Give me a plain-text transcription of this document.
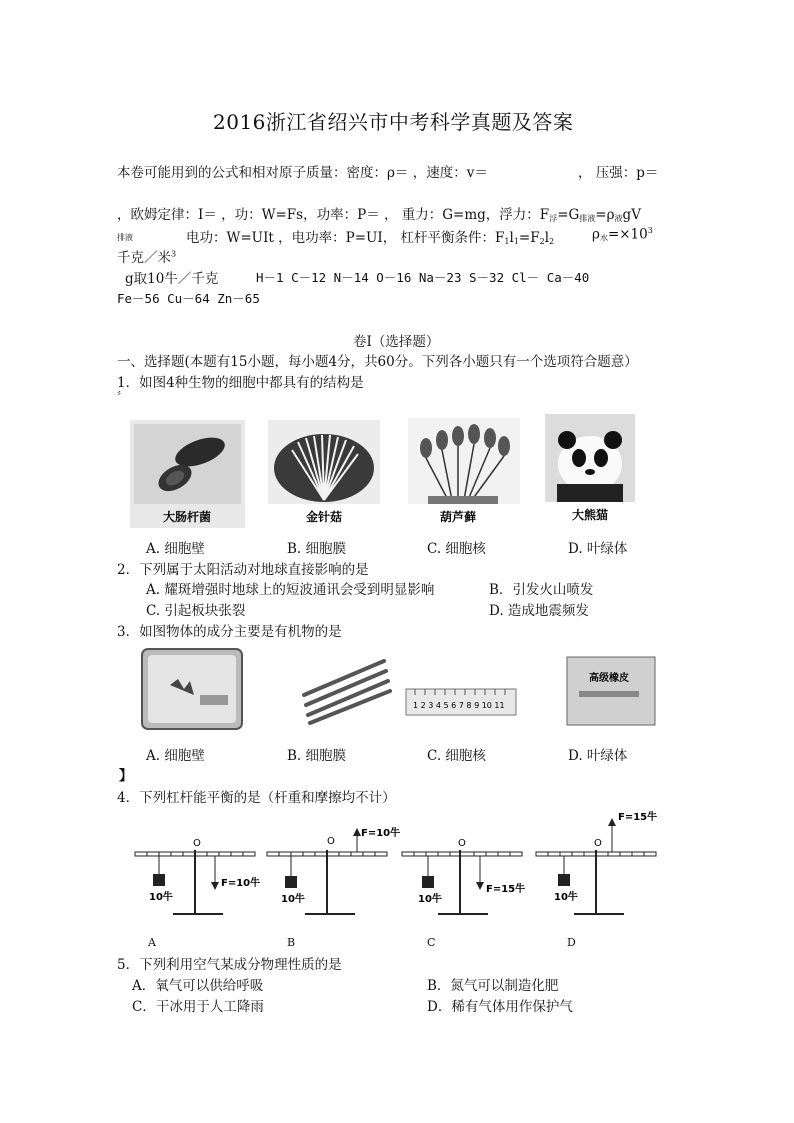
2016浙江省绍兴市中考科学真题及答案
本卷可能用到的公式和相对原子质量：密度：ρ＝ ，速度：v＝	， 压强：p＝
，欧姆定律：I＝ ，功：W=Fs，功率：P＝ ， 重力：G=mg，浮力：$F_浮=G_{排液}=\rho_液gV$
排液	电功：W=UIt ，电功率：P=UI， 杠杆平衡条件：$F_1l_1=F_2l_2$	$\rho_水=\times 10^3$
千克／米$^3$
g取10牛／千克	H－1 C－12 N－14 O－16 Na－23 S－32 Cl－ Ca－40
Fe－56 Cu－64 Zn－65
卷Ⅰ（选择题）
一、选择题(本题有15小题，每小题4分，共60分。下列各小题只有一个选项符合题意）
1．如图4种生物的细胞中都具有的结构是
〞
大肠杆菌	金针菇	葫芦藓	大熊猫
A. 细胞壁	B. 细胞膜	C. 细胞核	D. 叶绿体
2．下列属于太阳活动对地球直接影响的是
A. 耀斑增强时地球上的短波通讯会受到明显影响	B．引发火山喷发
C. 引起板块张裂	D. 造成地震频发
3．如图物体的成分主要是有机物的是
1 2 3 4 5 6 7 8 9 10 11
高级橡皮
A. 细胞壁	B. 细胞膜	C. 细胞核	D. 叶绿体
】
4．下列杠杆能平衡的是（杆重和摩擦均不计）
O
10牛
F=10牛
O
10牛
F=10牛
O
10牛
F=15牛
O
10牛
F=15牛
A	B	C	D
5．下列利用空气某成分物理性质的是
A．氧气可以供给呼吸	B．氮气可以制造化肥
C．干冰用于人工降雨	D．稀有气体用作保护气
